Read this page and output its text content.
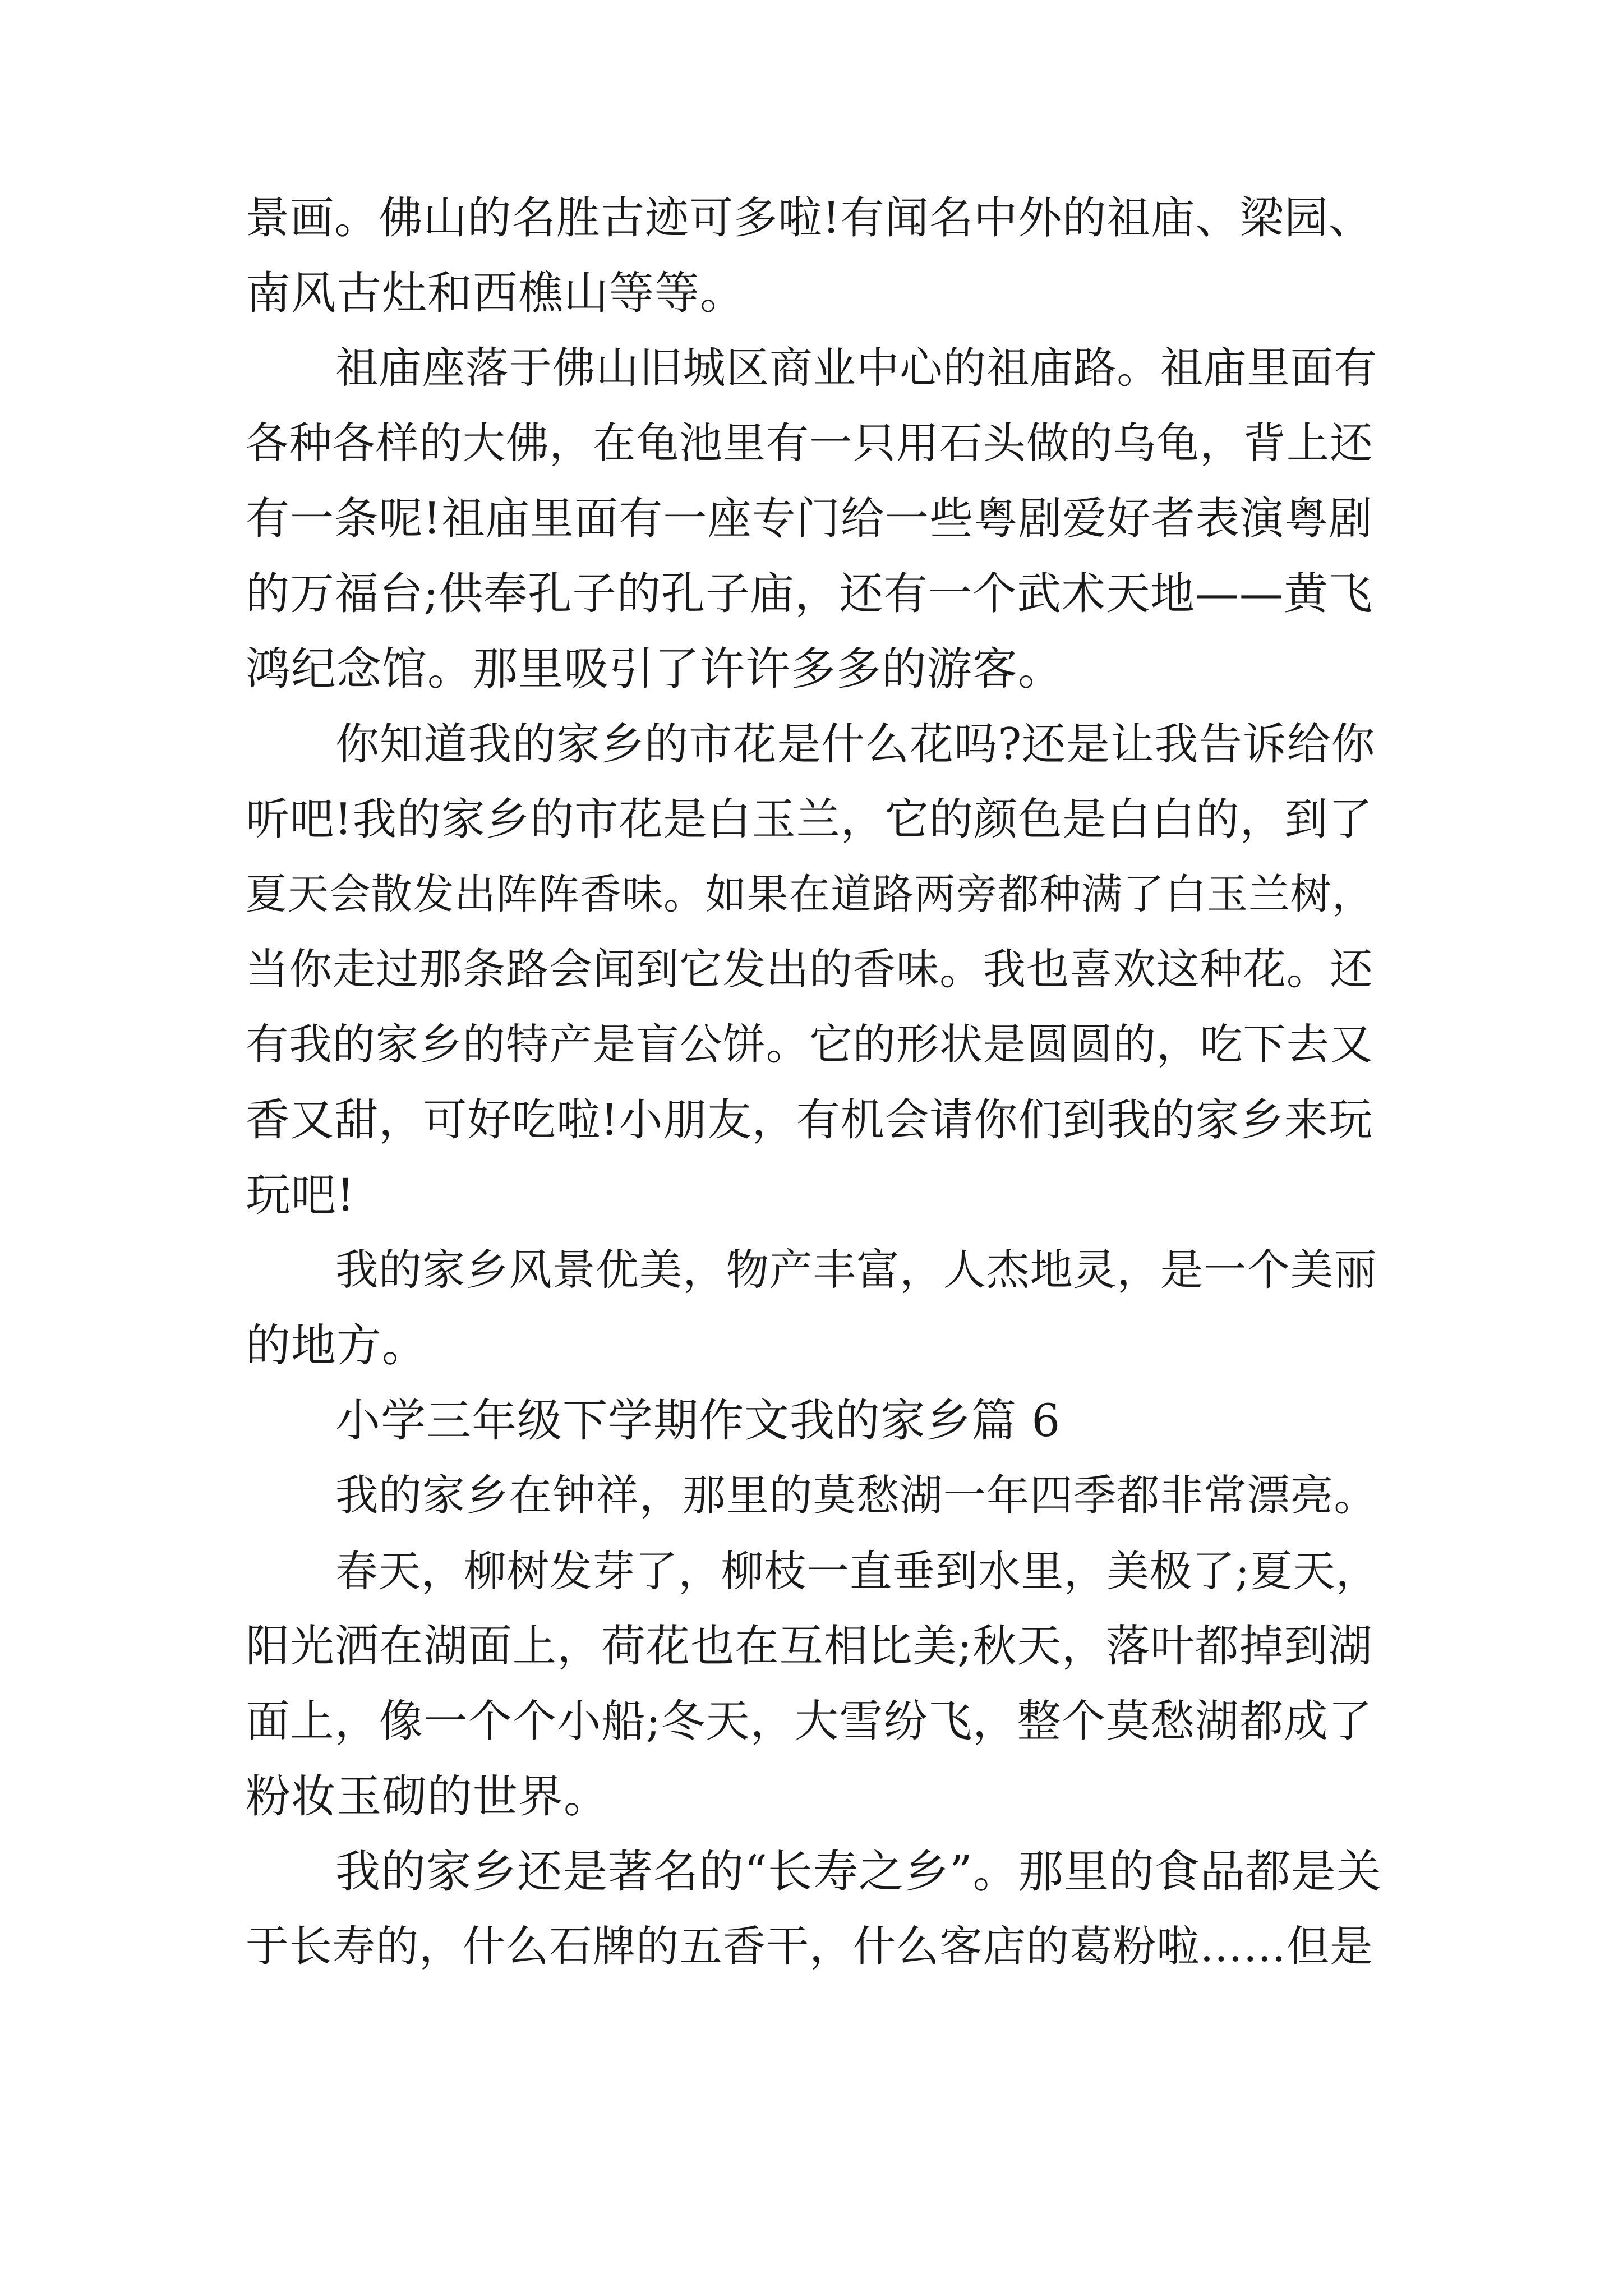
景画。佛山的名胜古迹可多啦!有闻名中外的祖庙、梁园、
南风古灶和西樵山等等。
祖庙座落于佛山旧城区商业中心的祖庙路。祖庙里面有
各种各样的大佛，在龟池里有一只用石头做的乌龟，背上还
有一条呢!祖庙里面有一座专门给一些粤剧爱好者表演粤剧
的万福台;供奉孔子的孔子庙，还有一个武术天地——黄飞
鸿纪念馆。那里吸引了许许多多的游客。
你知道我的家乡的市花是什么花吗?还是让我告诉给你
听吧!我的家乡的市花是白玉兰，它的颜色是白白的，到了
夏天会散发出阵阵香味。如果在道路两旁都种满了白玉兰树，
当你走过那条路会闻到它发出的香味。我也喜欢这种花。还
有我的家乡的特产是盲公饼。它的形状是圆圆的，吃下去又
香又甜，可好吃啦!小朋友，有机会请你们到我的家乡来玩
玩吧!
我的家乡风景优美，物产丰富，人杰地灵，是一个美丽
的地方。
小学三年级下学期作文我的家乡篇 6
我的家乡在钟祥，那里的莫愁湖一年四季都非常漂亮。
春天，柳树发芽了，柳枝一直垂到水里，美极了;夏天，
阳光洒在湖面上，荷花也在互相比美;秋天，落叶都掉到湖
面上，像一个个小船;冬天，大雪纷飞，整个莫愁湖都成了
粉妆玉砌的世界。
我的家乡还是著名的“长寿之乡”。那里的食品都是关
于长寿的，什么石牌的五香干，什么客店的葛粉啦……但是
